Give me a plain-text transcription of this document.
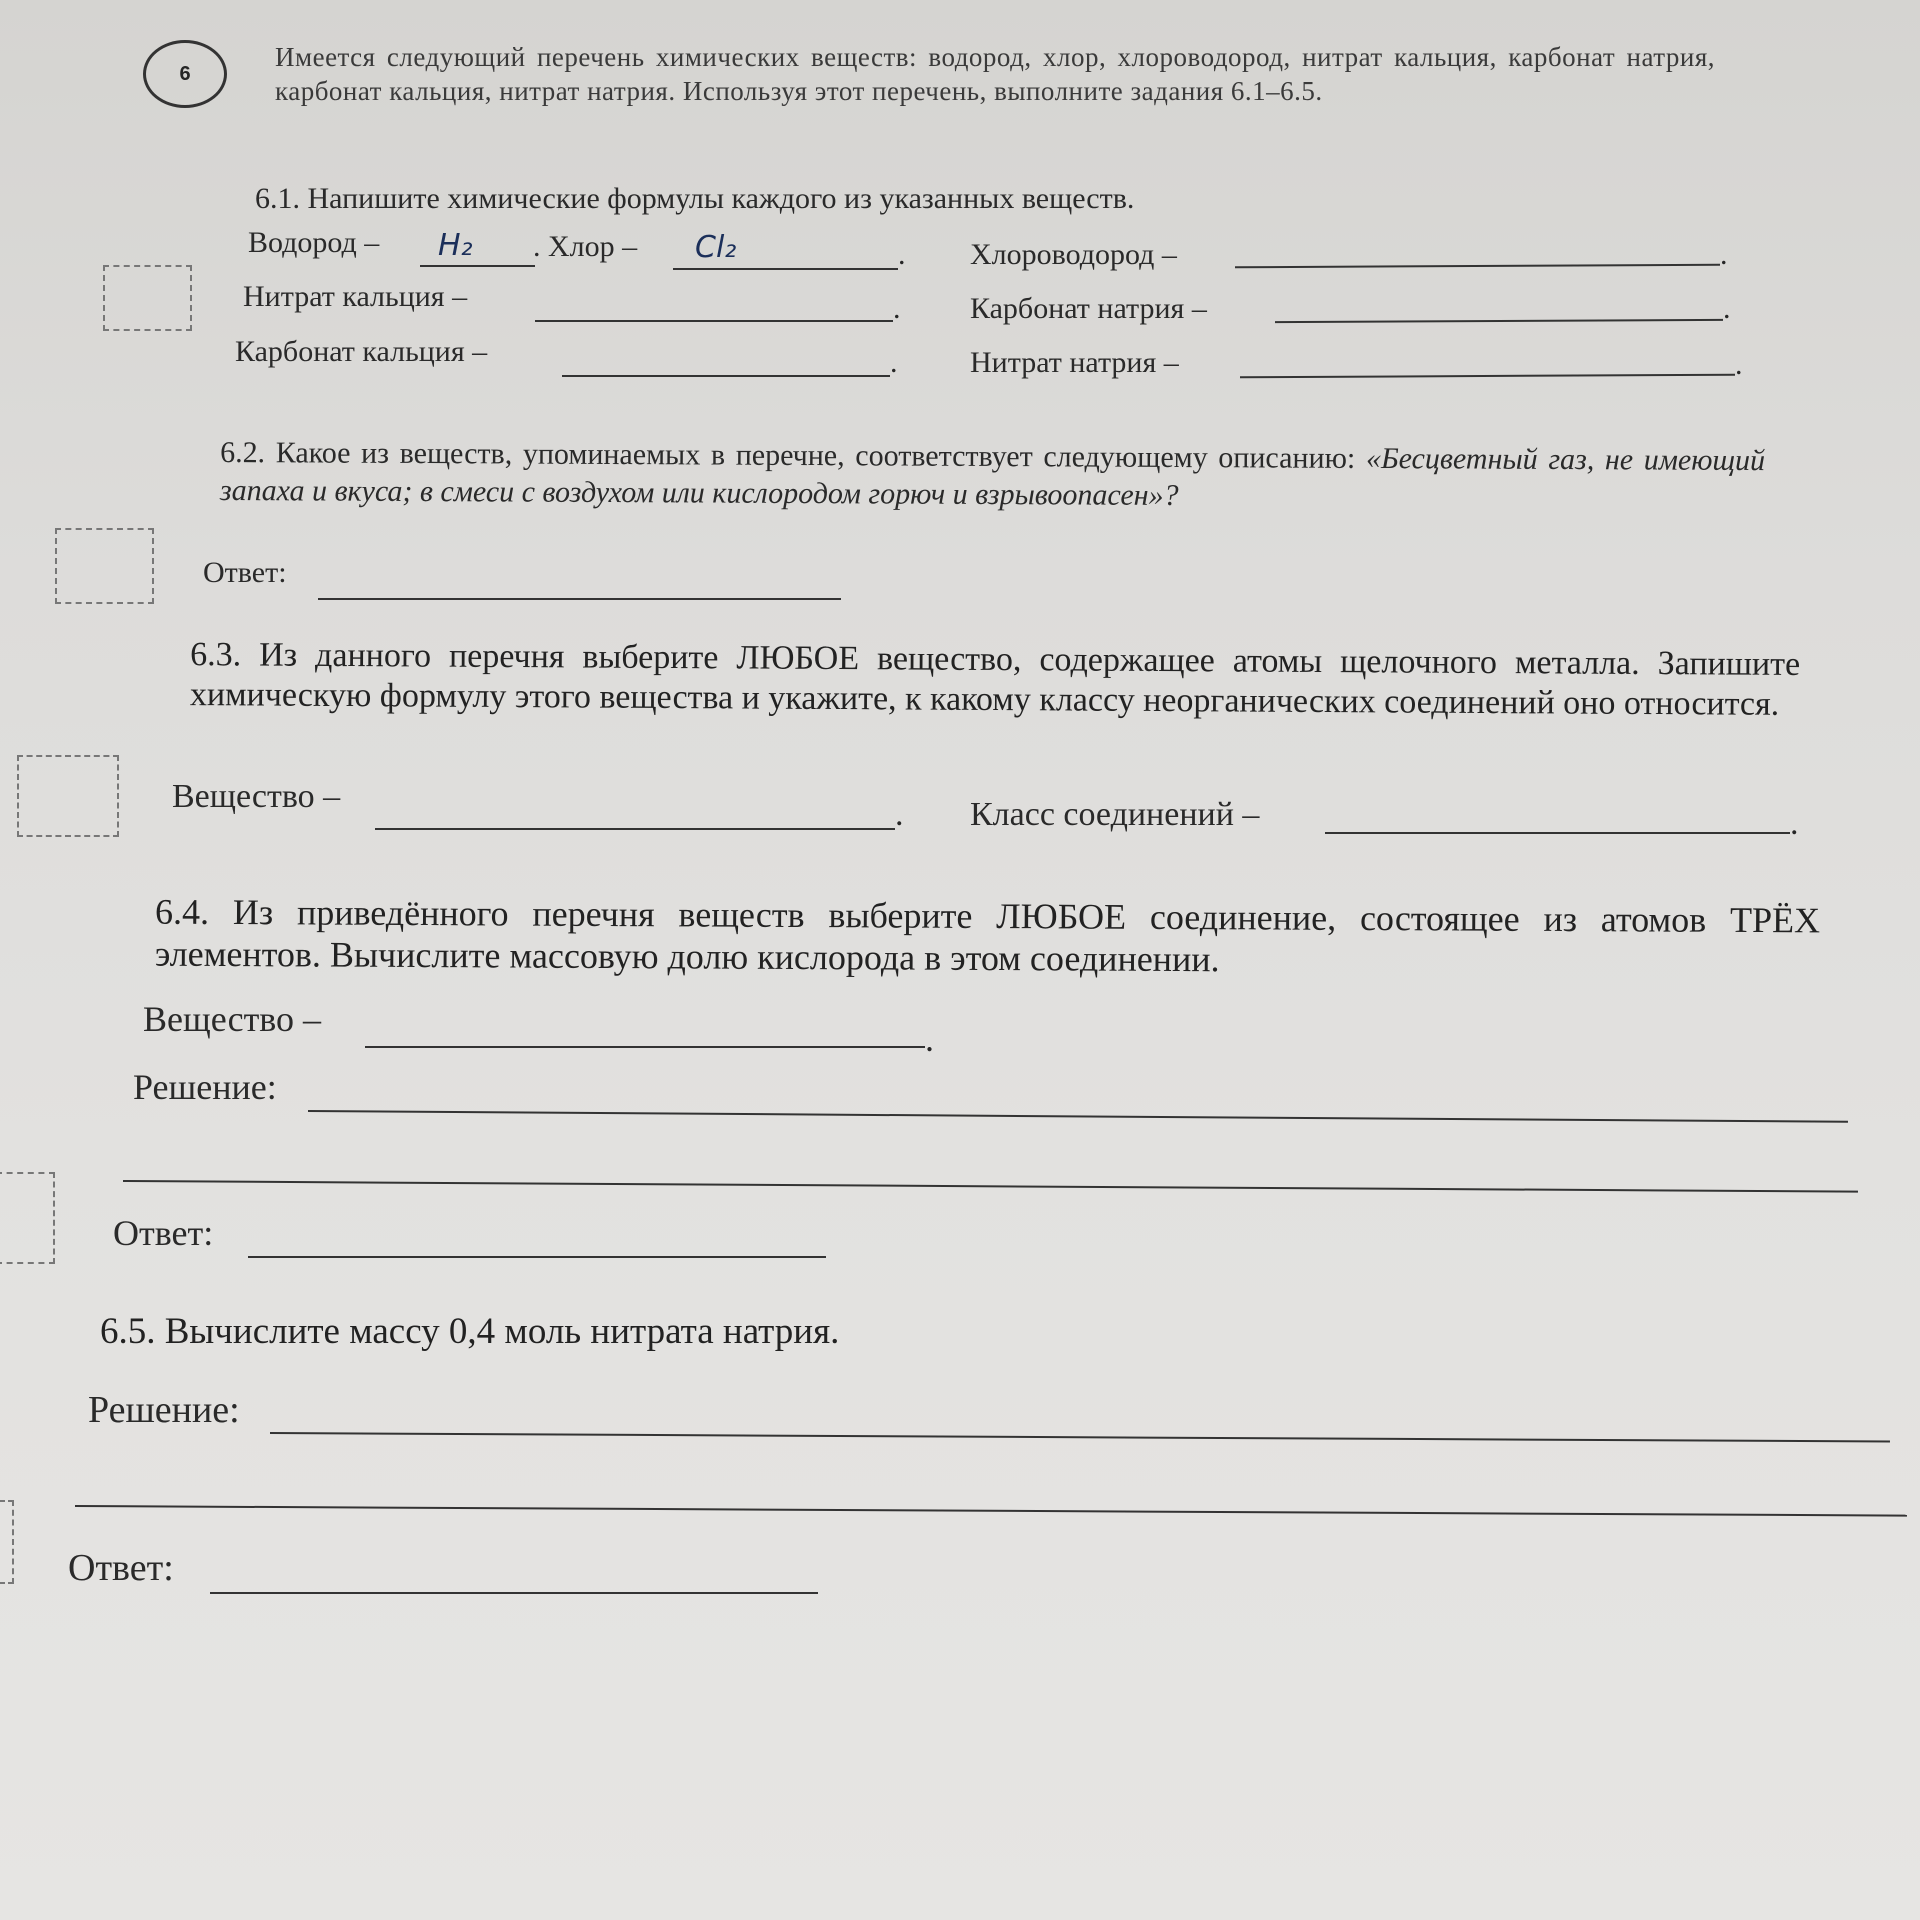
6
Имеется следующий перечень химических веществ: водород, хлор, хлороводород, нитрат кальция, карбонат натрия, карбонат кальция, нитрат натрия. Используя этот перечень, выполните задания 6.1–6.5.
6.1. Напишите химические формулы каждого из указанных веществ.
Водород – H₂ . Хлор – Cl₂	. Хлороводород –	.
Нитрат кальция –	. Карбонат натрия –	.
Карбонат кальция –	. Нитрат натрия –	.
6.2. Какое из веществ, упоминаемых в перечне, соответствует следующему описанию: «Бесцветный газ, не имеющий запаха и вкуса; в смеси с воздухом или кислородом горюч и взрывоопасен»?
Ответ:
6.3. Из данного перечня выберите ЛЮБОЕ вещество, содержащее атомы щелочного металла. Запишите химическую формулу этого вещества и укажите, к какому классу неорганических соединений оно относится.
Вещество –	. Класс соединений –	.
6.4. Из приведённого перечня веществ выберите ЛЮБОЕ соединение, состоящее из атомов ТРЁХ элементов. Вычислите массовую долю кислорода в этом соединении.
Вещество –	.
Решение:
Ответ:
6.5. Вычислите массу 0,4 моль нитрата натрия.
Решение:
Ответ:
